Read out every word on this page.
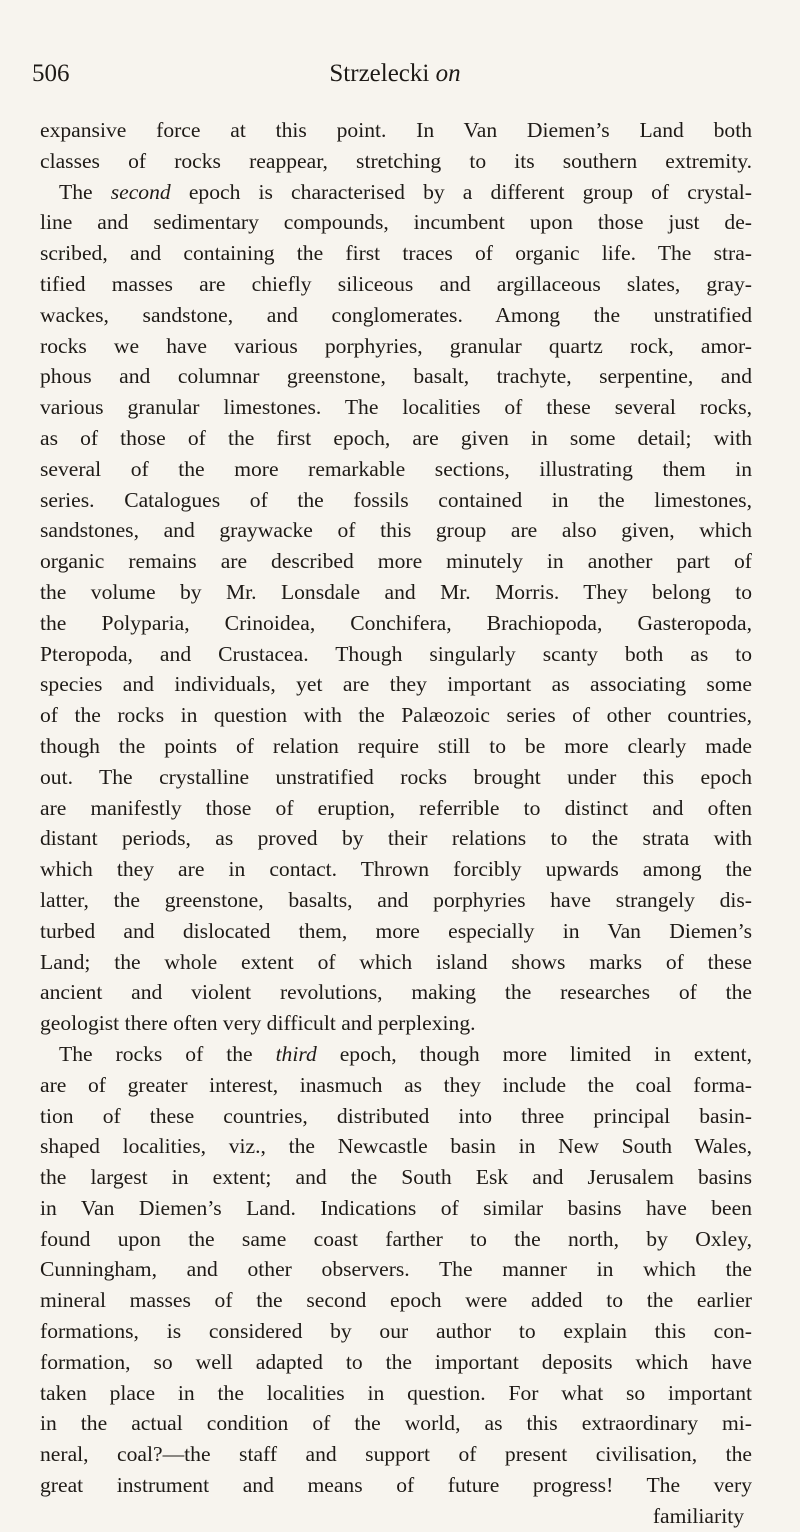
506	Strzelecki on
expansive force at this point. In Van Diemen’s Land both
classes of rocks reappear, stretching to its southern extremity.
The second epoch is characterised by a different group of crystal-
line and sedimentary compounds, incumbent upon those just de-
scribed, and containing the first traces of organic life. The stra-
tified masses are chiefly siliceous and argillaceous slates, gray-
wackes, sandstone, and conglomerates. Among the unstratified
rocks we have various porphyries, granular quartz rock, amor-
phous and columnar greenstone, basalt, trachyte, serpentine, and
various granular limestones. The localities of these several rocks,
as of those of the first epoch, are given in some detail; with
several of the more remarkable sections, illustrating them in
series. Catalogues of the fossils contained in the limestones,
sandstones, and graywacke of this group are also given, which
organic remains are described more minutely in another part of
the volume by Mr. Lonsdale and Mr. Morris. They belong to
the Polyparia, Crinoidea, Conchifera, Brachiopoda, Gasteropoda,
Pteropoda, and Crustacea. Though singularly scanty both as to
species and individuals, yet are they important as associating some
of the rocks in question with the Palæozoic series of other countries,
though the points of relation require still to be more clearly made
out. The crystalline unstratified rocks brought under this epoch
are manifestly those of eruption, referrible to distinct and often
distant periods, as proved by their relations to the strata with
which they are in contact. Thrown forcibly upwards among the
latter, the greenstone, basalts, and porphyries have strangely dis-
turbed and dislocated them, more especially in Van Diemen’s
Land; the whole extent of which island shows marks of these
ancient and violent revolutions, making the researches of the
geologist there often very difficult and perplexing.
The rocks of the third epoch, though more limited in extent,
are of greater interest, inasmuch as they include the coal forma-
tion of these countries, distributed into three principal basin-
shaped localities, viz., the Newcastle basin in New South Wales,
the largest in extent; and the South Esk and Jerusalem basins
in Van Diemen’s Land. Indications of similar basins have been
found upon the same coast farther to the north, by Oxley,
Cunningham, and other observers. The manner in which the
mineral masses of the second epoch were added to the earlier
formations, is considered by our author to explain this con-
formation, so well adapted to the important deposits which have
taken place in the localities in question. For what so important
in the actual condition of the world, as this extraordinary mi-
neral, coal?—the staff and support of present civilisation, the
great instrument and means of future progress! The very
familiarity
